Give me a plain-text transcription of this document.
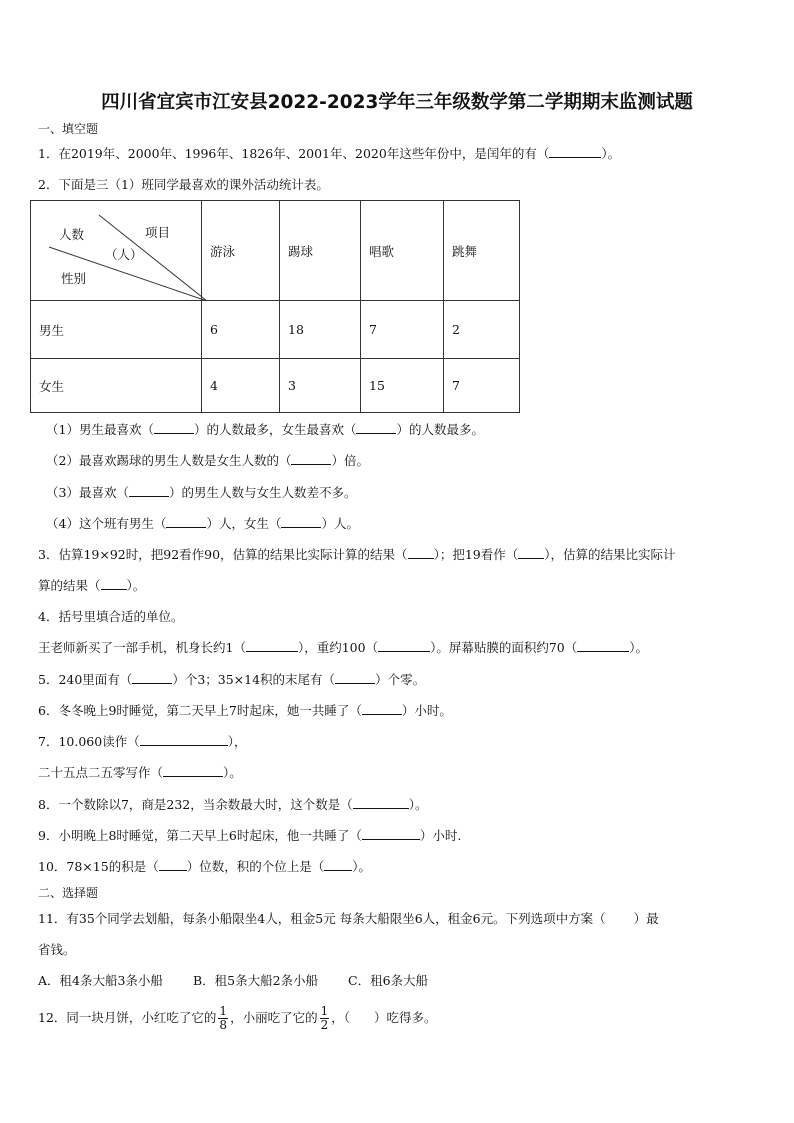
四川省宜宾市江安县2022-2023学年三年级数学第二学期期末监测试题
一、填空题
1．在2019年、2000年、1996年、1826年、2001年、2020年这些年份中，是闰年的有（	）。
2．下面是三（1）班同学最喜欢的课外活动统计表。
人数 项目
（人）
性别	游泳	踢球	唱歌	跳舞
男生	6	18	7	2
女生	4	3	15	7
（1）男生最喜欢（	）的人数最多，女生最喜欢（	）的人数最多。
（2）最喜欢踢球的男生人数是女生人数的（	）倍。
（3）最喜欢（	）的男生人数与女生人数差不多。
（4）这个班有男生（	）人，女生（	）人。
3．估算19×92时，把92看作90，估算的结果比实际计算的结果（ ）；把19看作（ ），估算的结果比实际计
算的结果（ ）。
4．括号里填合适的单位。
王老师新买了一部手机，机身长约1（	），重约100（	）。屏幕贴膜的面积约70（	）。
5．240里面有（	）个3；35×14积的末尾有（	）个零。
6．冬冬晚上9时睡觉，第二天早上7时起床，她一共睡了（	）小时。
7．10.060读作（	），
二十五点二五零写作（	）。
8．一个数除以7，商是232，当余数最大时，这个数是（	）。
9．小明晚上8时睡觉，第二天早上6时起床，他一共睡了（	）小时.
10．78×15的积是（ ）位数，积的个位上是（ ）。
二、选择题
11．有35个同学去划船，每条小船限坐4人，租金5元 每条大船限坐6人，租金6元。下列选项中方案（ ）最
省钱。
A．租4条大船3条小船 B．租5条大船2条小船 C．租6条大船
12．同一块月饼，小红吃了它的 $\frac{1}{8}$ ，小丽吃了它的 $\frac{1}{2}$ ，（ ）吃得多。
